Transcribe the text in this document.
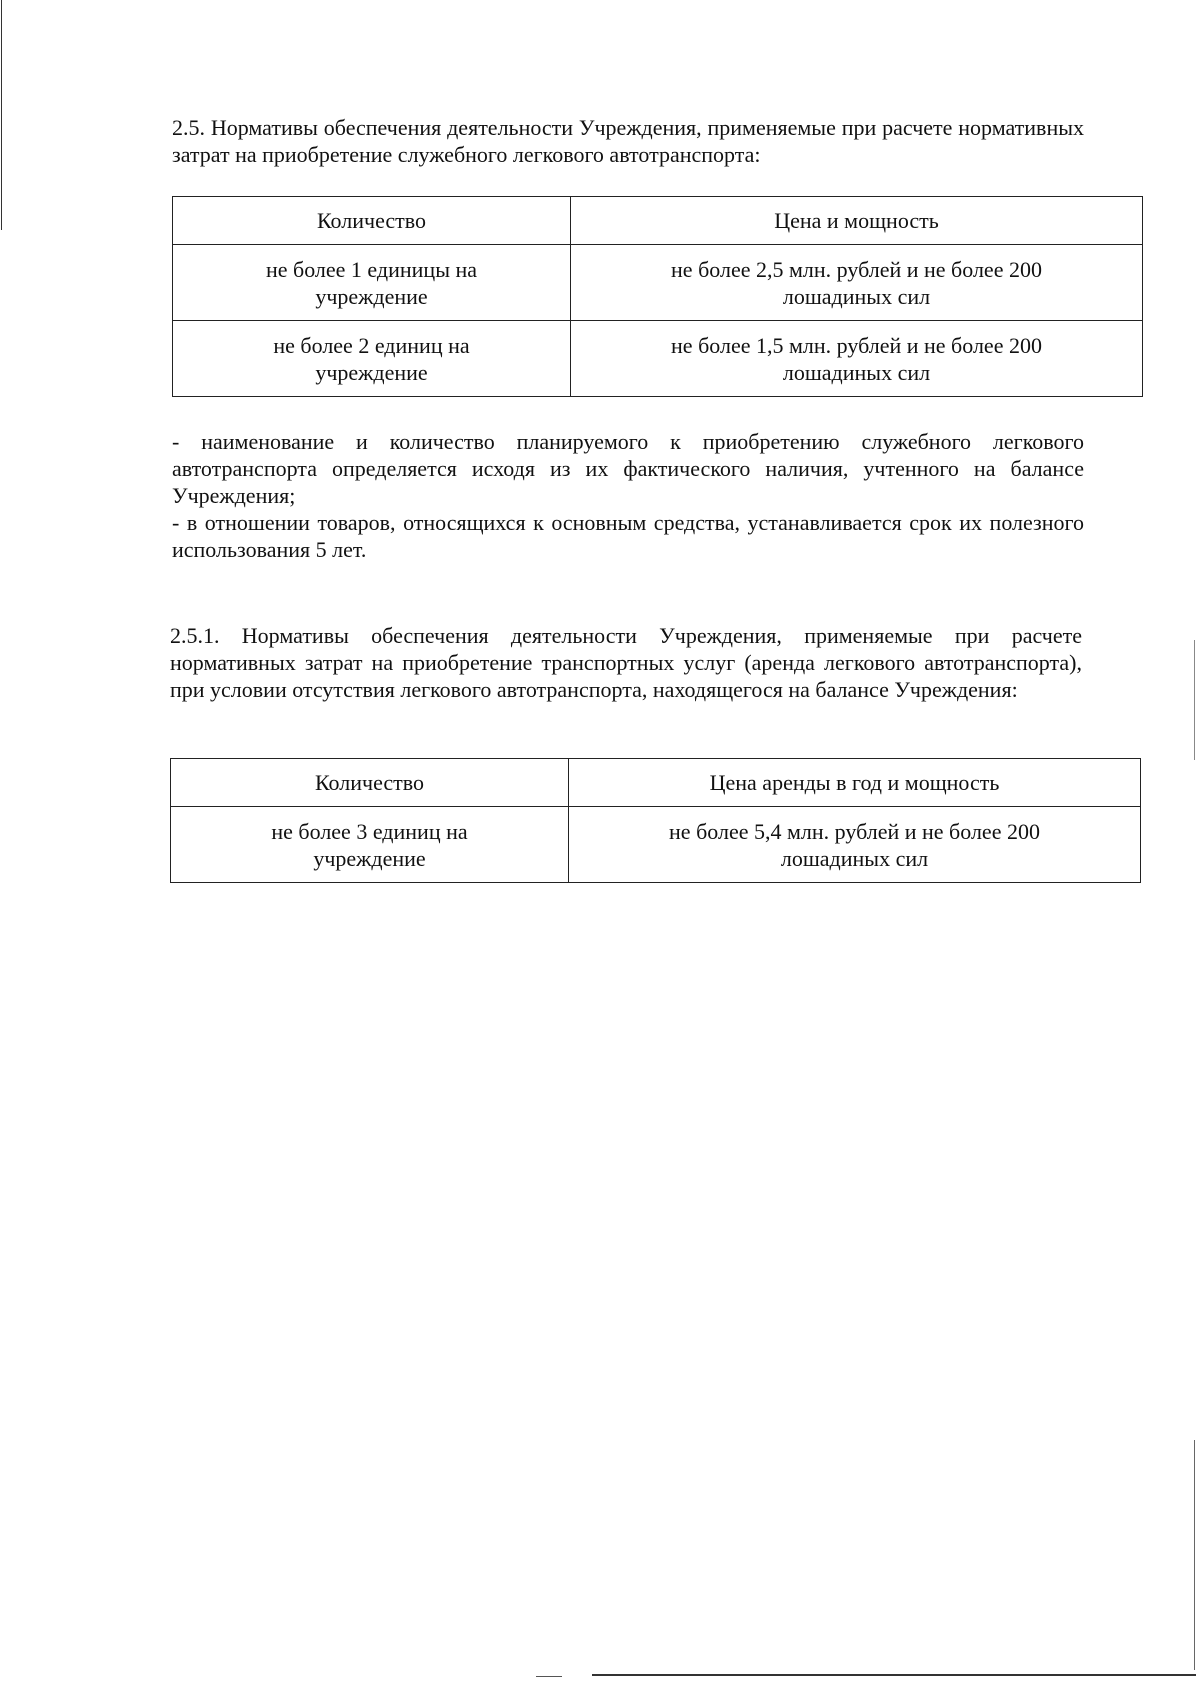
2.5. Нормативы обеспечения деятельности Учреждения, применяемые при расчете нормативных затрат на приобретение служебного легкового автотранспорта:

Количество	Цена и мощность
не более 1 единицы на учреждение	не более 2,5 млн. рублей и не более 200 лошадиных сил
не более 2 единиц на учреждение	не более 1,5 млн. рублей и не более 200 лошадиных сил
- наименование и количество планируемого к приобретению служебного легкового автотранспорта определяется исходя из их фактического наличия, учтенного на балансе Учреждения;
- в отношении товаров, относящихся к основным средства, устанавливается срок их полезного использования 5 лет.

2.5.1. Нормативы обеспечения деятельности Учреждения, применяемые при расчете нормативных затрат на приобретение транспортных услуг (аренда легкового автотранспорта), при условии отсутствия легкового автотранспорта, находящегося на балансе Учреждения:

Количество	Цена аренды в год и мощность
не более 3 единиц на учреждение	не более 5,4 млн. рублей и не более 200 лошадиных сил
